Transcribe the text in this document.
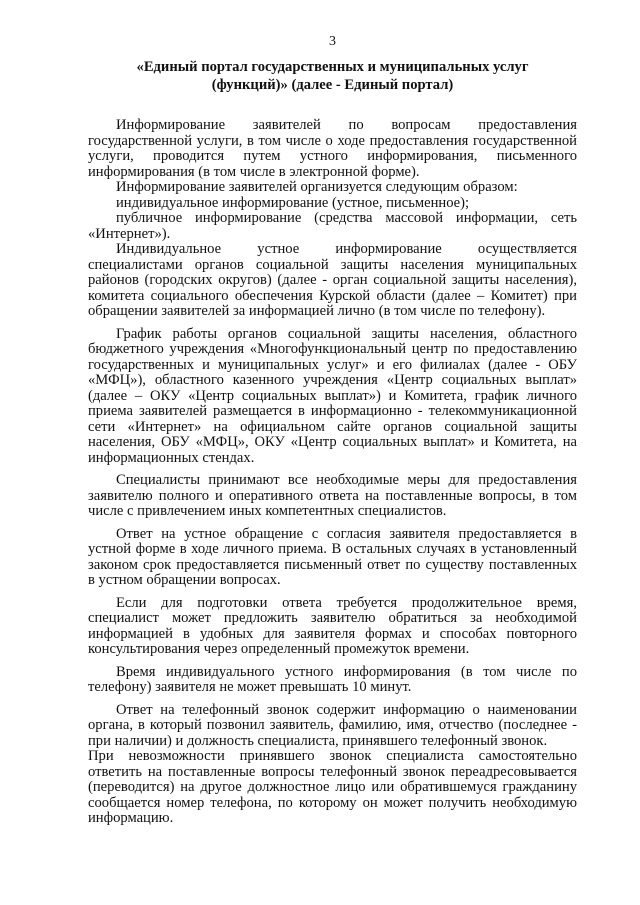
3
«Единый портал государственных и муниципальных услуг
(функций)» (далее - Единый портал)

Информирование заявителей по вопросам предоставления государственной услуги, в том числе о ходе предоставления государственной услуги, проводится путем устного информирования, письменного информирования (в том числе в электронной форме).

Информирование заявителей организуется следующим образом:

индивидуальное информирование (устное, письменное);

публичное информирование (средства массовой информации, сеть «Интернет»).

Индивидуальное устное информирование осуществляется специалистами органов социальной защиты населения муниципальных районов (городских округов) (далее - орган социальной защиты населения), комитета социального обеспечения Курской области (далее – Комитет) при обращении заявителей за информацией лично (в том числе по телефону).

График работы органов социальной защиты населения, областного бюджетного учреждения «Многофункциональный центр по предоставлению государственных и муниципальных услуг» и его филиалах (далее - ОБУ «МФЦ»), областного казенного учреждения «Центр социальных выплат» (далее – ОКУ «Центр социальных выплат») и Комитета, график личного приема заявителей размещается в информационно - телекоммуникационной сети «Интернет» на официальном сайте органов социальной защиты населения, ОБУ «МФЦ», ОКУ «Центр социальных выплат» и Комитета, на информационных стендах.

Специалисты принимают все необходимые меры для предоставления заявителю полного и оперативного ответа на поставленные вопросы, в том числе с привлечением иных компетентных специалистов.

Ответ на устное обращение с согласия заявителя предоставляется в устной форме в ходе личного приема. В остальных случаях в установленный законом срок предоставляется письменный ответ по существу поставленных в устном обращении вопросах.

Если для подготовки ответа требуется продолжительное время, специалист может предложить заявителю обратиться за необходимой информацией в удобных для заявителя формах и способах повторного консультирования через определенный промежуток времени.

Время индивидуального устного информирования (в том числе по телефону) заявителя не может превышать 10 минут.

Ответ на телефонный звонок содержит информацию о наименовании органа, в который позвонил заявитель, фамилию, имя, отчество (последнее - при наличии) и должность специалиста, принявшего телефонный звонок.

При невозможности принявшего звонок специалиста самостоятельно ответить на поставленные вопросы телефонный звонок переадресовывается (переводится) на другое должностное лицо или обратившемуся гражданину сообщается номер телефона, по которому он может получить необходимую информацию.
